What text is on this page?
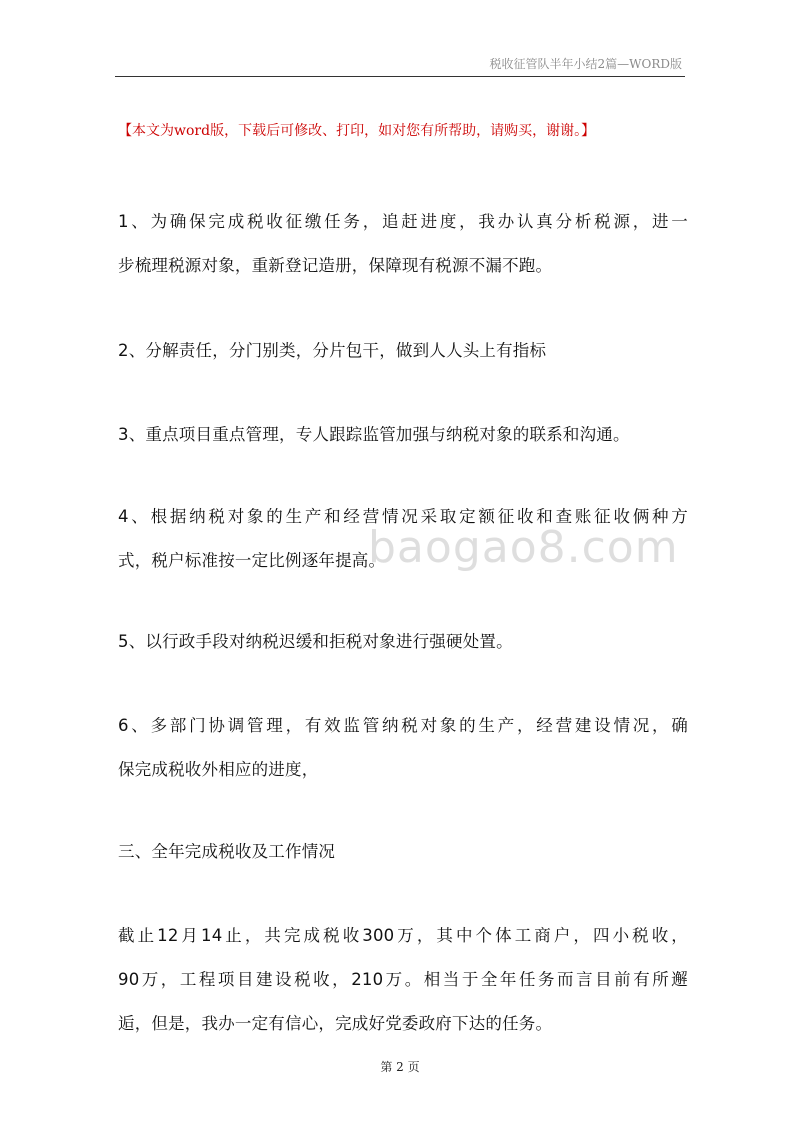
税收征管队半年小结2篇—WORD版
【本文为word版，下载后可修改、打印，如对您有所帮助，请购买，谢谢。】
1、为确保完成税收征缴任务，追赶进度，我办认真分析税源，进一
步梳理税源对象，重新登记造册，保障现有税源不漏不跑。
2、分解责任，分门别类，分片包干，做到人人头上有指标
3、重点项目重点管理，专人跟踪监管加强与纳税对象的联系和沟通。
4、根据纳税对象的生产和经营情况采取定额征收和查账征收俩种方
式，税户标准按一定比例逐年提高。
5、以行政手段对纳税迟缓和拒税对象进行强硬处置。
6、多部门协调管理，有效监管纳税对象的生产，经营建设情况，确
保完成税收外相应的进度，
三、全年完成税收及工作情况
截止12月14止，共完成税收300万，其中个体工商户，四小税收，
90万，工程项目建设税收，210万。相当于全年任务而言目前有所邂
逅，但是，我办一定有信心，完成好党委政府下达的任务。
baogao8.com
第 2 页
